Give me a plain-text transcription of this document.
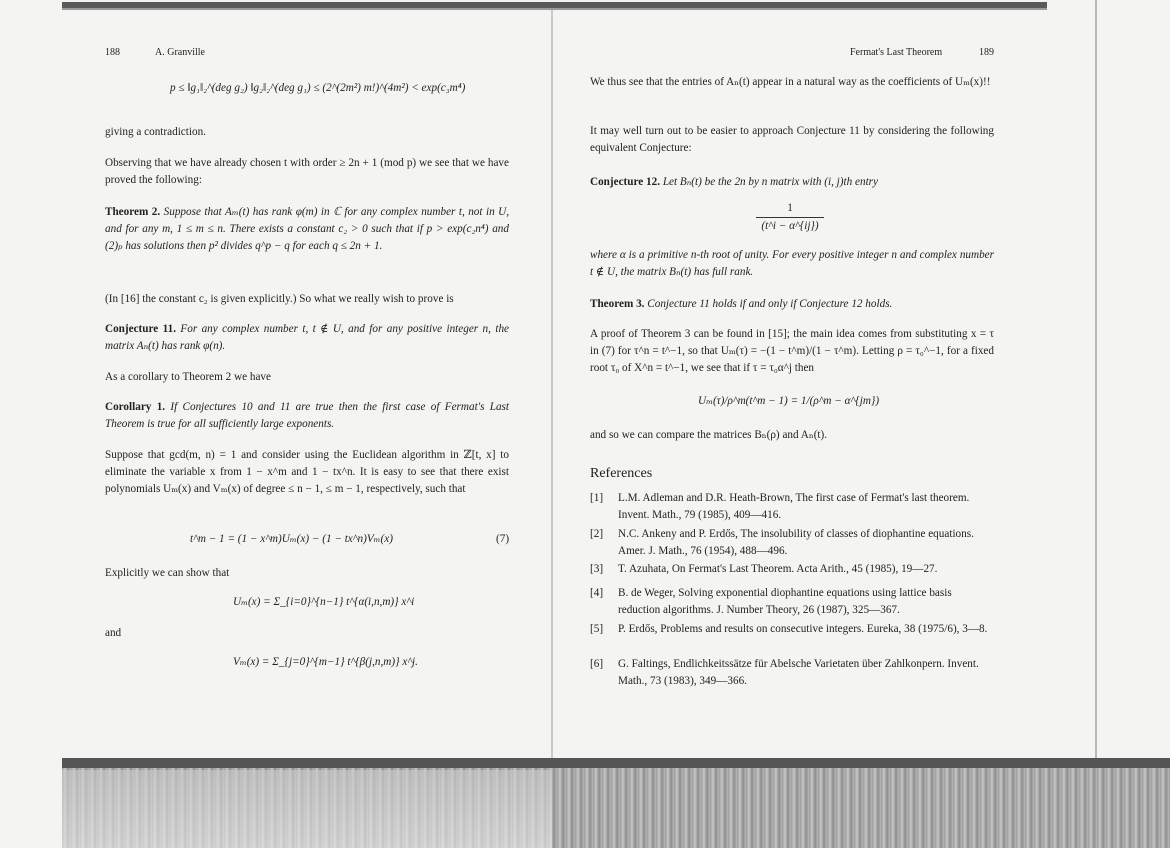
188	A. Granville
p ≤ ‖g₁‖₂^(deg g₂) ‖g₂‖₂^(deg g₁) ≤ (2^(2m²) m!)^(4m²) < exp(c₃m⁴)

giving a contradiction.

Observing that we have already chosen t with order ≥ 2n + 1 (mod p) we see that we have proved the following:

Theorem 2. Suppose that Aₘ(t) has rank φ(m) in ℂ for any complex number t, not in U, and for any m, 1 ≤ m ≤ n. There exists a constant c₂ > 0 such that if p > exp(c₂n⁴) and (2)ₚ has solutions then p² divides q^p − q for each q ≤ 2n + 1.

(In [16] the constant c₂ is given explicitly.) So what we really wish to prove is

Conjecture 11. For any complex number t, t ∉ U, and for any positive integer n, the matrix Aₙ(t) has rank φ(n).

As a corollary to Theorem 2 we have

Corollary 1. If Conjectures 10 and 11 are true then the first case of Fermat's Last Theorem is true for all sufficiently large exponents.

Suppose that gcd(m, n) = 1 and consider using the Euclidean algorithm in ℤ[t, x] to eliminate the variable x from 1 − x^m and 1 − tx^n. It is easy to see that there exist polynomials Uₘ(x) and Vₘ(x) of degree ≤ n − 1, ≤ m − 1, respectively, such that

t^m − 1 = (1 − x^m)Uₘ(x) − (1 − tx^n)Vₘ(x)	(7)

Explicitly we can show that

Uₘ(x) = Σ_{i=0}^{n−1} t^{α(i,n,m)} x^i

and

Vₘ(x) = Σ_{j=0}^{m−1} t^{β(j,n,m)} x^j.
Fermat's Last Theorem	189

We thus see that the entries of Aₙ(t) appear in a natural way as the coefficients of Uₘ(x)!!

It may well turn out to be easier to approach Conjecture 11 by considering the following equivalent Conjecture:

Conjecture 12. Let Bₙ(t) be the 2n by n matrix with (i, j)th entry

1
(t^i − α^{ij})

where α is a primitive n-th root of unity. For every positive integer n and complex number t ∉ U, the matrix Bₙ(t) has full rank.

Theorem 3. Conjecture 11 holds if and only if Conjecture 12 holds.

A proof of Theorem 3 can be found in [15]; the main idea comes from substituting x = τ in (7) for τ^n = t^−1, so that Uₘ(τ) = −(1 − t^m)/(1 − τ^m). Letting ρ = τ₀^−1, for a fixed root τ₀ of X^n = t^−1, we see that if τ = τ₀α^j then

Uₘ(τ)/ρ^m(t^m − 1) = 1/(ρ^m − α^{jm})

and so we can compare the matrices Bₙ(ρ) and Aₙ(t).

References
[1] L.M. Adleman and D.R. Heath-Brown, The first case of Fermat's last theorem. Invent. Math., 79 (1985), 409—416.
[2] N.C. Ankeny and P. Erdős, The insolubility of classes of diophantine equations. Amer. J. Math., 76 (1954), 488—496.
[3] T. Azuhata, On Fermat's Last Theorem. Acta Arith., 45 (1985), 19—27.
[4] B. de Weger, Solving exponential diophantine equations using lattice basis reduction algorithms. J. Number Theory, 26 (1987), 325—367.
[5] P. Erdős, Problems and results on consecutive integers. Eureka, 38 (1975/6), 3—8.
[6] G. Faltings, Endlichkeitssätze für Abelsche Varietaten über Zahlkonpern. Invent. Math., 73 (1983), 349—366.
